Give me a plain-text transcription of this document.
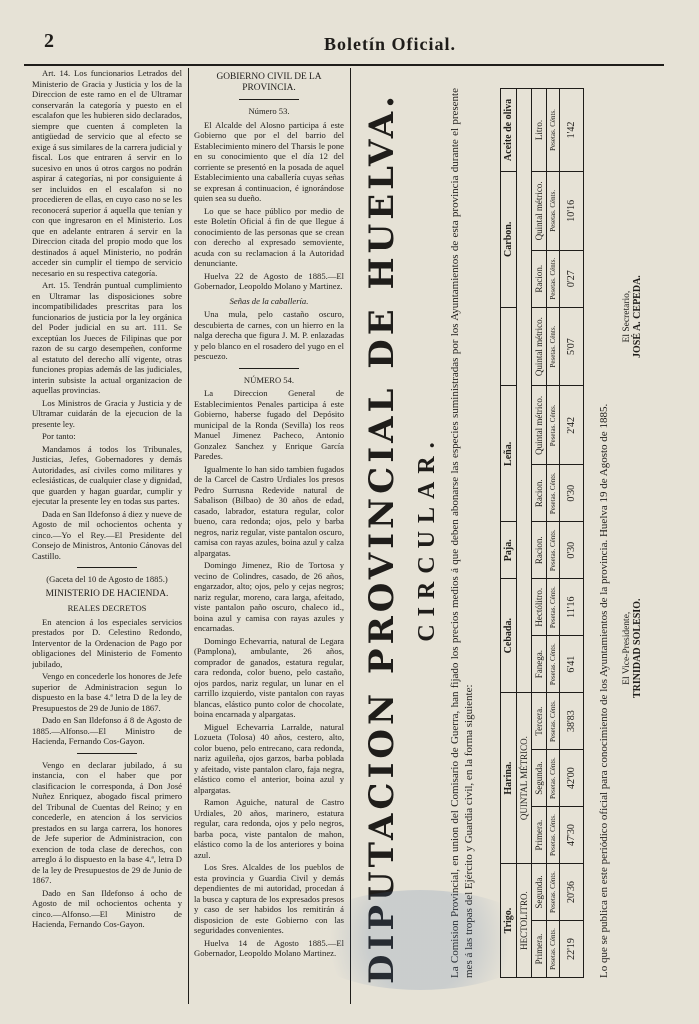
2	Boletín Oficial.

Art. 14. Los funcionarios Letrados del Ministerio de Gracia y Justicia y los de la Direccion de este ramo en el de Ultramar conservarán la categoría y puesto en el escalafon que les hubieren sido declarados, siempre que cuenten á completen la antigüedad de servicio que al efecto se exige á sus similares de la carrera judicial y fiscal. Los que entraren á servir en lo sucesivo en unos ú otros cargos no podrán aspirar á categorías, ni por consiguiente á ser incluidos en el escalafon si no procedieren de ellas, en cuyo caso no se les reconocerá superior á aquella que tenían y con que ingresaron en el Ministerio. Los que en adelante entraren á servir en la Direccion citada del propio modo que los destinados á aquel Ministerio, no podrán acceder sin cumplir el tiempo de servicio necesario en su respectiva categoría.

Art. 15. Tendrán puntual cumplimiento en Ultramar las disposiciones sobre incompatibilidades prescritas para los funcionarios de justicia por la ley orgánica del Poder judicial en su art. 111. Se exceptúan los Jueces de Filipinas que por razon de su cargo desempeñen, conforme al estatuto del derecho allí vigente, otras funciones propias además de las judiciales, interin subsiste la actual organizacion de aquellas provincias.

Los Ministros de Gracia y Justicia y de Ultramar cuidarán de la ejecucion de la presente ley.

Por tanto:

Mandamos á todos los Tribunales, Justicias, Jefes, Gobernadores y demás Autoridades, así civiles como militares y eclesiásticas, de cualquier clase y dignidad, que guarden y hagan guardar, cumplir y ejecutar la presente ley en todas sus partes.

Dada en San Ildefonso á diez y nueve de Agosto de mil ochocientos ochenta y cinco.—Yo el Rey.—El Presidente del Consejo de Ministros, Antonio Cánovas del Castillo.

(Gaceta del 10 de Agosto de 1885.)

MINISTERIO DE HACIENDA.

REALES DECRETOS

En atencion á los especiales servicios prestados por D. Celestino Redondo, Interventor de la Ordenacion de Pago por obligaciones del Ministerio de Fomento jubilado,

Vengo en concederle los honores de Jefe superior de Administracion segun lo dispuesto en la base 4.ª letra D de la ley de Presupuestos de 29 de Junio de 1867.

Dado en San Ildefonso á 8 de Agosto de 1885.—Alfonso.—El Ministro de Hacienda, Fernando Cos-Gayon.

Vengo en declarar jubilado, á su instancia, con el haber que por clasificacion le corresponda, á Don José Nuñez Enriquez, abogado fiscal primero del Tribunal de Cuentas del Reino; y en concederle, en atencion á los servicios prestados en su larga carrera, los honores de Jefe superior de Administracion, con exencion de toda clase de derechos, con arreglo á lo dispuesto en la base 4.ª, letra D de la ley de Presupuestos de 29 de Junio de 1867.

Dado en San Ildefonso á ocho de Agosto de mil ochocientos ochenta y cinco.—Alfonso.—El Ministro de Hacienda, Fernando Cos-Gayon.

GOBIERNO CIVIL DE LA PROVINCIA.

Número 53.

El Alcalde del Alosno participa á este Gobierno que por el del barrio del Establecimiento minero del Tharsis le pone en su conocimiento que el día 12 del corriente se presentó en la posada de aquel Establecimiento una caballería cuyas señas se expresan á continuacion, é ignorándose quien sea su dueño.

Lo que se hace público por medio de este Boletín Oficial á fin de que llegue á conocimiento de las personas que se crean con derecho al expresado semoviente, acuda con su reclamacion á la Autoridad denunciante.

Huelva 22 de Agosto de 1885.—El Gobernador, Leopoldo Molano y Martinez.

Señas de la caballería.

Una mula, pelo castaño oscuro, descubierta de carnes, con un hierro en la nalga derecha que figura J. M. P. enlazadas y pelo blanco en el rosadero del yugo en el pescuezo.

NÚMERO 54.

La Direccion General de Establecimientos Penales participa á este Gobierno, haberse fugado del Depósito municipal de la Ronda (Sevilla) los reos Manuel Jimenez Pacheco, Antonio Gonzalez Sanchez y Enrique García Paredes.

Igualmente lo han sido tambien fugados de la Carcel de Castro Urdiales los presos Pedro Surrusna Redevide natural de Sabalison (Bilbao) de 30 años de edad, casado, labrador, estatura regular, color bueno, cara redonda; ojos, pelo y barba negros, nariz regular, viste pantalon oscuro, camisa con rayas azules, boina azul y calza alpargatas.

Domingo Jimenez, Rio de Tortosa y vecino de Colindres, casado, de 26 años, engarzador, alto; ojos, pelo y cejas negros; nariz regular, moreno, cara larga, afeitado, viste pantalon paño oscuro, chaleco id., boina azul y camisa con rayas azules y encarnadas.

Domingo Echevarria, natural de Legara (Pamplona), ambulante, 26 años, comprador de ganados, estatura regular, cara redonda, color bueno, pelo castaño, ojos pardos, nariz regular, un lunar en el carrillo izquierdo, viste pantalon con rayas blancas, elástico punto color de chocolate, boina encarnada y alpargatas.

Miguel Echevarria Larralde, natural Lozueta (Tolosa) 40 años, cestero, alto, color bueno, pelo entrecano, cara redonda, nariz aguileña, ojos garzos, barba poblada y afeitado, viste pantalon claro, faja negra, elástico como el anterior, boina azul y alpargatas.

Ramon Aguiche, natural de Castro Urdiales, 20 años, marinero, estatura regular, cara redonda, ojos y pelo negros, barba poca, viste pantalon de mahon, elástico como la de los anteriores y boina azul.

Los Sres. Alcaldes de los pueblos de esta provincia y Guardia Civil y demás dependientes de mi autoridad, procedan á la busca y captura de los expresados presos y caso de ser habidos los remitirán á disposicion de este Gobierno con las seguridades convenientes.

Huelva 14 de Agosto 1885.—El Gobernador, Leopoldo Molano Martinez. DIPUTACION PROVINCIAL DE HUELVA. CIRCULAR. La Comision Provincial, en union del Comisario de Guerra, han fijado los precios medios á que deben abonarse las especies suministradas por los Ayuntamientos de esta provincia durante el presente mes á las tropas del Ejército y Guardia civil, en la forma siguiente:	Trigo.		Harina.			Cebada.		Paja.	Leña.			Carbon.		Aceite de oliva
HECTOLITRO.		QUINTAL MÉTRICO.											
Primera.	Segunda.	Primera.	Segunda.	Tercera.	Fanega.	Hectólitro.	Racion.	Racion.	Quintal métrico.	Quintal métrico.	Racion.	Quintal métrico.	Litro.
Pesetas. Cénts.	Pesetas. Cénts.	Pesetas. Cénts.	Pesetas. Cénts.	Pesetas. Cénts.	Pesetas. Cénts.	Pesetas. Cénts.	Pesetas. Cénts.	Pesetas. Cénts.	Pesetas. Cénts.	Pesetas. Cénts.	Pesetas. Cénts.	Pesetas. Cénts.	Pesetas. Cénts.
22'19	20'36	47'30	42'00	38'83	6'41	11'16	0'30	0'30	2'42	5'07	0'27	10'16	1'42
Lo que se publica en este periódico oficial para conocimiento de los Ayuntamientos de la provincia. Huelva 19 de Agosto de 1885. El Vice-Presidente, TRINIDAD SOLESIO.
El Secretario, JOSÉ A. CEPEDA.
